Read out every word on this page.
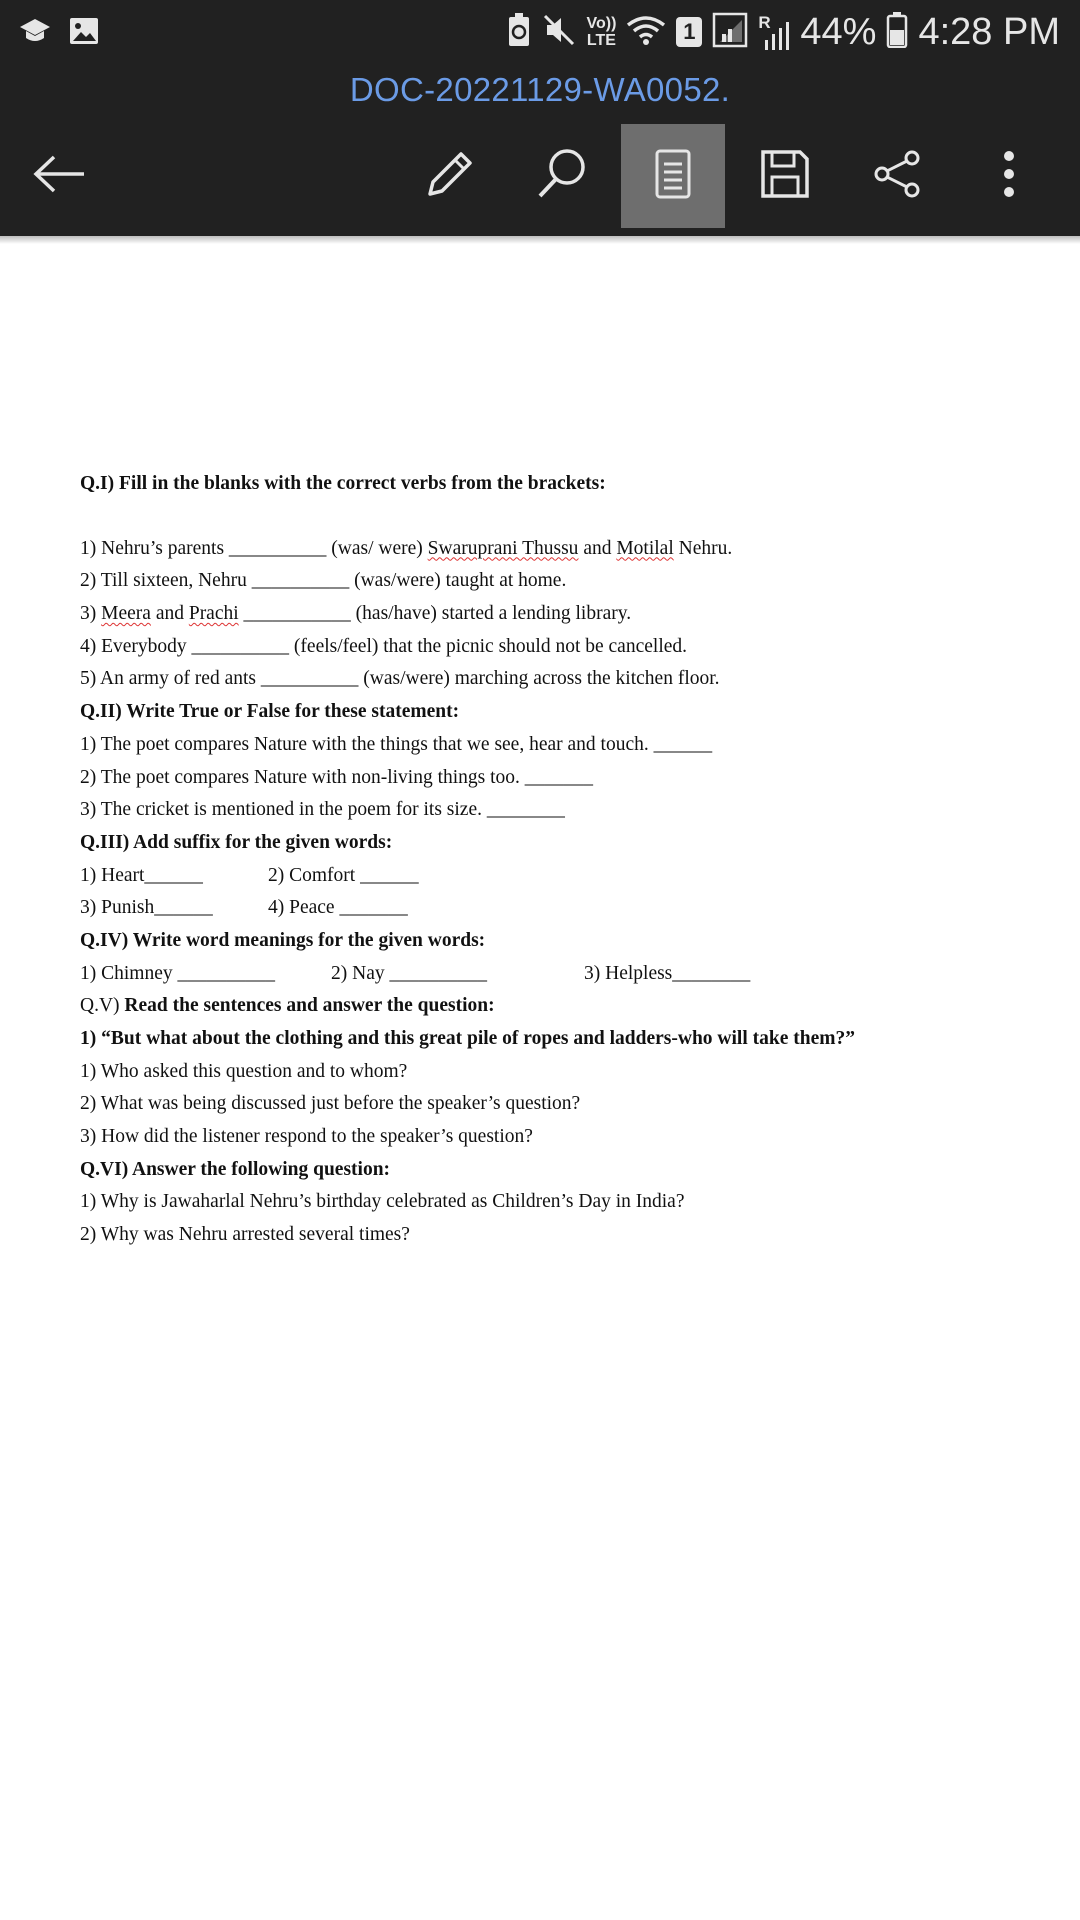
Vo))
LTE	1	R 44% 4:28 PM
DOC-20221129-WA0052.
Q.I) Fill in the blanks with the correct verbs from the brackets:
1) Nehru’s parents __________ (was/ were) Swaruprani Thussu and Motilal Nehru.
2) Till sixteen, Nehru __________ (was/were) taught at home.
3) Meera and Prachi ___________ (has/have) started a lending library.
4) Everybody __________ (feels/feel) that the picnic should not be cancelled.
5) An army of red ants __________ (was/were) marching across the kitchen floor.
Q.II) Write True or False for these statement:
1) The poet compares Nature with the things that we see, hear and touch. ______
2) The poet compares Nature with non-living things too. _______
3) The cricket is mentioned in the poem for its size. ________
Q.III) Add suffix for the given words:
1) Heart______	2) Comfort ______
3) Punish______	4) Peace _______
Q.IV) Write word meanings for the given words:
1) Chimney __________	2) Nay __________	3) Helpless________
Q.V) Read the sentences and answer the question:
1) “But what about the clothing and this great pile of ropes and ladders-who will take them?”
1) Who asked this question and to whom?
2) What was being discussed just before the speaker’s question?
3) How did the listener respond to the speaker’s question?
Q.VI) Answer the following question:
1) Why is Jawaharlal Nehru’s birthday celebrated as Children’s Day in India?
2) Why was Nehru arrested several times?
